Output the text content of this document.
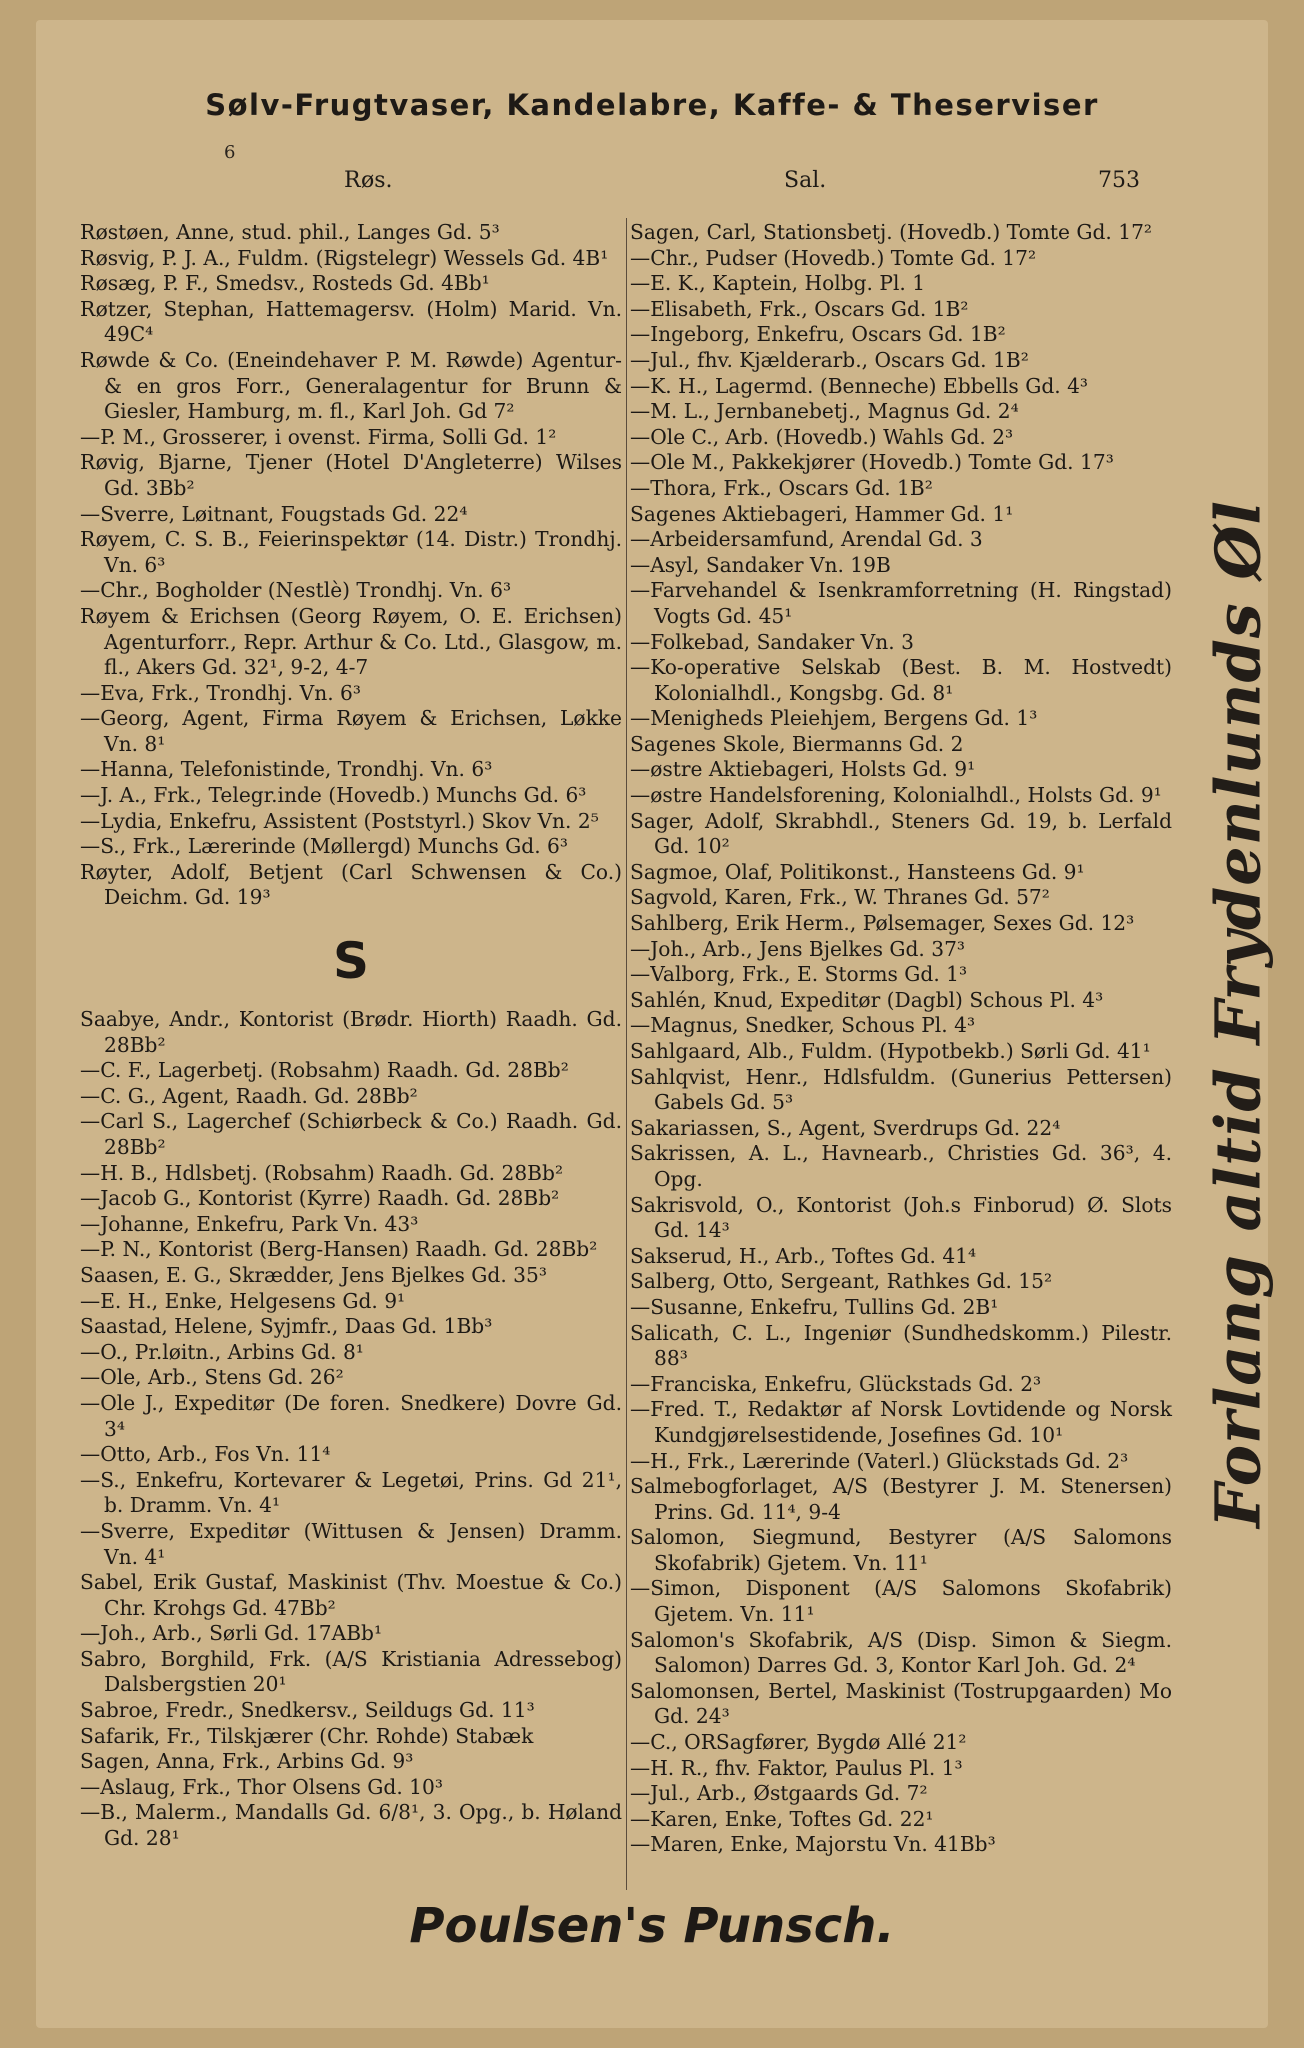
Sølv-Frugtvaser, Kandelabre, Kaffe- & Theserviser
6
Røs.	Sal.	753

Røstøen, Anne, stud. phil., Langes Gd. 5³

Røsvig, P. J. A., Fuldm. (Rigstelegr) Wessels Gd. 4B¹

Røsæg, P. F., Smedsv., Rosteds Gd. 4Bb¹

Røtzer, Stephan, Hattemagersv. (Holm) Marid. Vn. 49C⁴

Røwde & Co. (Eneindehaver P. M. Røwde) Agentur- & en gros Forr., Generalagentur for Brunn & Giesler, Hamburg, m. fl., Karl Joh. Gd 7²

—P. M., Grosserer, i ovenst. Firma, Solli Gd. 1²

Røvig, Bjarne, Tjener (Hotel D'Angleterre) Wilses Gd. 3Bb²

—Sverre, Løitnant, Fougstads Gd. 22⁴

Røyem, C. S. B., Feierinspektør (14. Distr.) Trondhj. Vn. 6³

—Chr., Bogholder (Nestlè) Trondhj. Vn. 6³

Røyem & Erichsen (Georg Røyem, O. E. Erichsen) Agenturforr., Repr. Arthur & Co. Ltd., Glasgow, m. fl., Akers Gd. 32¹, 9-2, 4-7

—Eva, Frk., Trondhj. Vn. 6³

—Georg, Agent, Firma Røyem & Erichsen, Løkke Vn. 8¹

—Hanna, Telefonistinde, Trondhj. Vn. 6³

—J. A., Frk., Telegr.inde (Hovedb.) Munchs Gd. 6³

—Lydia, Enkefru, Assistent (Poststyrl.) Skov Vn. 2⁵

—S., Frk., Lærerinde (Møllergd) Munchs Gd. 6³

Røyter, Adolf, Betjent (Carl Schwensen & Co.) Deichm. Gd. 19³

S

Saabye, Andr., Kontorist (Brødr. Hiorth) Raadh. Gd. 28Bb²

—C. F., Lagerbetj. (Robsahm) Raadh. Gd. 28Bb²

—C. G., Agent, Raadh. Gd. 28Bb²

—Carl S., Lagerchef (Schiørbeck & Co.) Raadh. Gd. 28Bb²

—H. B., Hdlsbetj. (Robsahm) Raadh. Gd. 28Bb²

—Jacob G., Kontorist (Kyrre) Raadh. Gd. 28Bb²

—Johanne, Enkefru, Park Vn. 43³

—P. N., Kontorist (Berg-Hansen) Raadh. Gd. 28Bb²

Saasen, E. G., Skrædder, Jens Bjelkes Gd. 35³

—E. H., Enke, Helgesens Gd. 9¹

Saastad, Helene, Syjmfr., Daas Gd. 1Bb³

—O., Pr.løitn., Arbins Gd. 8¹

—Ole, Arb., Stens Gd. 26²

—Ole J., Expeditør (De foren. Snedkere) Dovre Gd. 3⁴

—Otto, Arb., Fos Vn. 11⁴

—S., Enkefru, Kortevarer & Legetøi, Prins. Gd 21¹, b. Dramm. Vn. 4¹

—Sverre, Expeditør (Wittusen & Jensen) Dramm. Vn. 4¹

Sabel, Erik Gustaf, Maskinist (Thv. Moestue & Co.) Chr. Krohgs Gd. 47Bb²

—Joh., Arb., Sørli Gd. 17ABb¹

Sabro, Borghild, Frk. (A/S Kristiania Adressebog) Dalsbergstien 20¹

Sabroe, Fredr., Snedkersv., Seildugs Gd. 11³

Safarik, Fr., Tilskjærer (Chr. Rohde) Stabæk

Sagen, Anna, Frk., Arbins Gd. 9³

—Aslaug, Frk., Thor Olsens Gd. 10³

—B., Malerm., Mandalls Gd. 6/8¹, 3. Opg., b. Høland Gd. 28¹

Sagen, Carl, Stationsbetj. (Hovedb.) Tomte Gd. 17²

—Chr., Pudser (Hovedb.) Tomte Gd. 17²

—E. K., Kaptein, Holbg. Pl. 1

—Elisabeth, Frk., Oscars Gd. 1B²

—Ingeborg, Enkefru, Oscars Gd. 1B²

—Jul., fhv. Kjælderarb., Oscars Gd. 1B²

—K. H., Lagermd. (Benneche) Ebbells Gd. 4³

—M. L., Jernbanebetj., Magnus Gd. 2⁴

—Ole C., Arb. (Hovedb.) Wahls Gd. 2³

—Ole M., Pakkekjører (Hovedb.) Tomte Gd. 17³

—Thora, Frk., Oscars Gd. 1B²

Sagenes Aktiebageri, Hammer Gd. 1¹

—Arbeidersamfund, Arendal Gd. 3

—Asyl, Sandaker Vn. 19B

—Farvehandel & Isenkramforretning (H. Ringstad) Vogts Gd. 45¹

—Folkebad, Sandaker Vn. 3

—Ko-operative Selskab (Best. B. M. Hostvedt) Kolonialhdl., Kongsbg. Gd. 8¹

—Menigheds Pleiehjem, Bergens Gd. 1³

Sagenes Skole, Biermanns Gd. 2

—østre Aktiebageri, Holsts Gd. 9¹

—østre Handelsforening, Kolonialhdl., Holsts Gd. 9¹

Sager, Adolf, Skrabhdl., Steners Gd. 19, b. Lerfald Gd. 10²

Sagmoe, Olaf, Politikonst., Hansteens Gd. 9¹

Sagvold, Karen, Frk., W. Thranes Gd. 57²

Sahlberg, Erik Herm., Pølsemager, Sexes Gd. 12³

—Joh., Arb., Jens Bjelkes Gd. 37³

—Valborg, Frk., E. Storms Gd. 1³

Sahlén, Knud, Expeditør (Dagbl) Schous Pl. 4³

—Magnus, Snedker, Schous Pl. 4³

Sahlgaard, Alb., Fuldm. (Hypotbekb.) Sørli Gd. 41¹

Sahlqvist, Henr., Hdlsfuldm. (Gunerius Pettersen) Gabels Gd. 5³

Sakariassen, S., Agent, Sverdrups Gd. 22⁴

Sakrissen, A. L., Havnearb., Christies Gd. 36³, 4. Opg.

Sakrisvold, O., Kontorist (Joh.s Finborud) Ø. Slots Gd. 14³

Sakserud, H., Arb., Toftes Gd. 41⁴

Salberg, Otto, Sergeant, Rathkes Gd. 15²

—Susanne, Enkefru, Tullins Gd. 2B¹

Salicath, C. L., Ingeniør (Sundhedskomm.) Pilestr. 88³

—Franciska, Enkefru, Glückstads Gd. 2³

—Fred. T., Redaktør af Norsk Lovtidende og Norsk Kundgjørelsestidende, Josefines Gd. 10¹

—H., Frk., Lærerinde (Vaterl.) Glückstads Gd. 2³

Salmebogforlaget, A/S (Bestyrer J. M. Stenersen) Prins. Gd. 11⁴, 9-4

Salomon, Siegmund, Bestyrer (A/S Salomons Skofabrik) Gjetem. Vn. 11¹

—Simon, Disponent (A/S Salomons Skofabrik) Gjetem. Vn. 11¹

Salomon's Skofabrik, A/S (Disp. Simon & Siegm. Salomon) Darres Gd. 3, Kontor Karl Joh. Gd. 2⁴

Salomonsen, Bertel, Maskinist (Tostrupgaarden) Mo Gd. 24³

—C., ORSagfører, Bygdø Allé 21²

—H. R., fhv. Faktor, Paulus Pl. 1³

—Jul., Arb., Østgaards Gd. 7²

—Karen, Enke, Toftes Gd. 22¹

—Maren, Enke, Majorstu Vn. 41Bb³

Forlang altid Frydenlunds Øl
Poulsen's Punsch.
